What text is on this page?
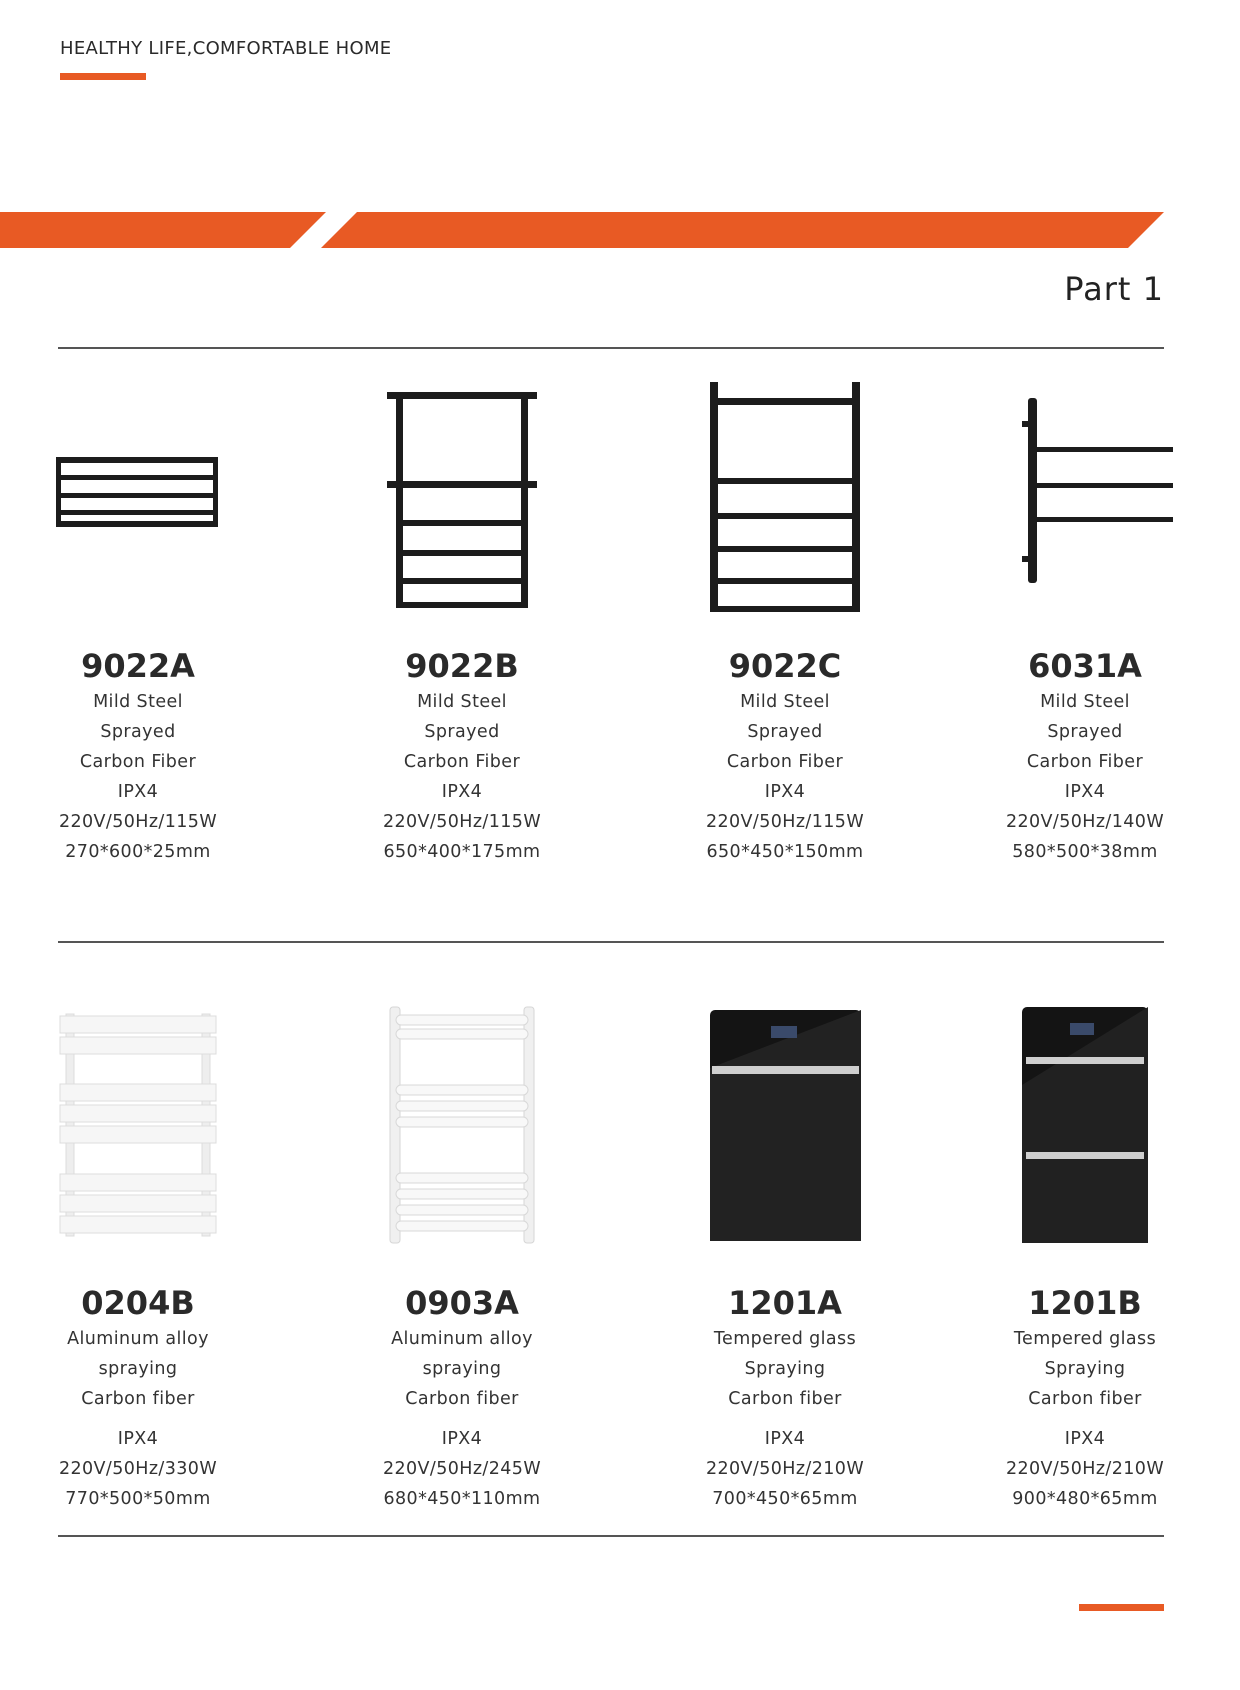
HEALTHY LIFE,COMFORTABLE HOME
Part 1
9022A
Mild Steel
Sprayed
Carbon Fiber
IPX4
220V/50Hz/115W
270*600*25mm
9022B
Mild Steel
Sprayed
Carbon Fiber
IPX4
220V/50Hz/115W
650*400*175mm
9022C
Mild Steel
Sprayed
Carbon Fiber
IPX4
220V/50Hz/115W
650*450*150mm
6031A
Mild Steel
Sprayed
Carbon Fiber
IPX4
220V/50Hz/140W
580*500*38mm
0204B
Aluminum alloy
spraying
Carbon fiber
IPX4
220V/50Hz/330W
770*500*50mm
0903A
Aluminum alloy
spraying
Carbon fiber
IPX4
220V/50Hz/245W
680*450*110mm
1201A
Tempered glass
Spraying
Carbon fiber
IPX4
220V/50Hz/210W
700*450*65mm
1201B
Tempered glass
Spraying
Carbon fiber
IPX4
220V/50Hz/210W
900*480*65mm
